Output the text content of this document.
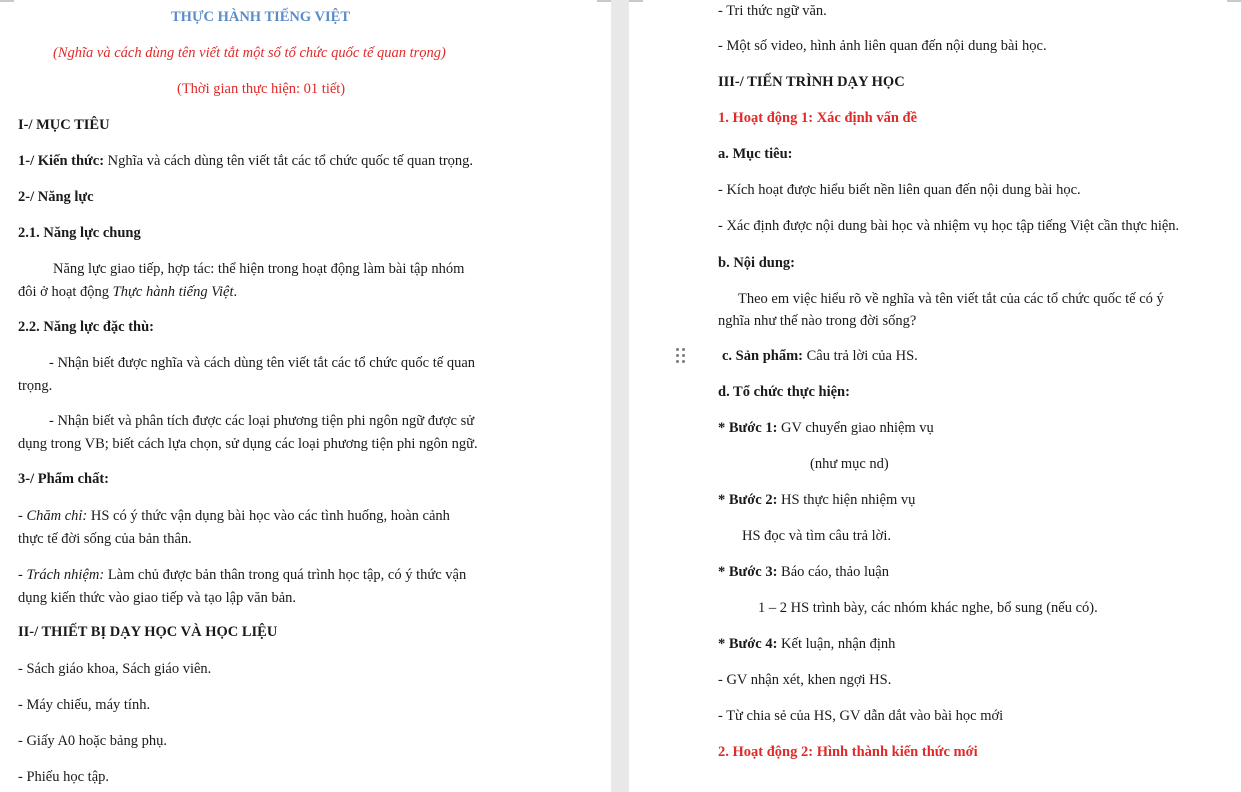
THỰC HÀNH TIẾNG VIỆT
(Nghĩa và cách dùng tên viết tắt một số tổ chức quốc tế quan trọng)
(Thời gian thực hiện: 01 tiết)
I-/ MỤC TIÊU
1-/ Kiến thức: Nghĩa và cách dùng tên viết tắt các tổ chức quốc tế quan trọng.
2-/ Năng lực
2.1. Năng lực chung
Năng lực giao tiếp, hợp tác: thể hiện trong hoạt động làm bài tập nhóm
đôi ở hoạt động Thực hành tiếng Việt.
2.2. Năng lực đặc thù:
- Nhận biết được nghĩa và cách dùng tên viết tắt các tổ chức quốc tế quan
trọng.
- Nhận biết và phân tích được các loại phương tiện phi ngôn ngữ được sử
dụng trong VB; biết cách lựa chọn, sử dụng các loại phương tiện phi ngôn ngữ.
3-/ Phẩm chất:
- Chăm chỉ: HS có ý thức vận dụng bài học vào các tình huống, hoàn cảnh
thực tế đời sống của bản thân.
- Trách nhiệm: Làm chủ được bản thân trong quá trình học tập, có ý thức vận
dụng kiến thức vào giao tiếp và tạo lập văn bản.
II-/ THIẾT BỊ DẠY HỌC VÀ HỌC LIỆU
- Sách giáo khoa, Sách giáo viên.
- Máy chiếu, máy tính.
- Giấy A0 hoặc bảng phụ.
- Phiếu học tập.
- Tri thức ngữ văn.
- Một số video, hình ảnh liên quan đến nội dung bài học.
III-/ TIẾN TRÌNH DẠY HỌC
1. Hoạt động 1: Xác định vấn đề
a. Mục tiêu:
- Kích hoạt được hiểu biết nền liên quan đến nội dung bài học.
- Xác định được nội dung bài học và nhiệm vụ học tập tiếng Việt cần thực hiện.
b. Nội dung:
Theo em việc hiểu rõ về nghĩa và tên viết tắt của các tổ chức quốc tế có ý
nghĩa như thế nào trong đời sống?
c. Sản phẩm: Câu trả lời của HS.
d. Tổ chức thực hiện:
* Bước 1: GV chuyển giao nhiệm vụ
(như mục nd)
* Bước 2: HS thực hiện nhiệm vụ
HS đọc và tìm câu trả lời.
* Bước 3: Báo cáo, thảo luận
1 – 2 HS trình bày, các nhóm khác nghe, bổ sung (nếu có).
* Bước 4: Kết luận, nhận định
- GV nhận xét, khen ngợi HS.
- Từ chia sẻ của HS, GV dẫn dắt vào bài học mới
2. Hoạt động 2: Hình thành kiến thức mới
